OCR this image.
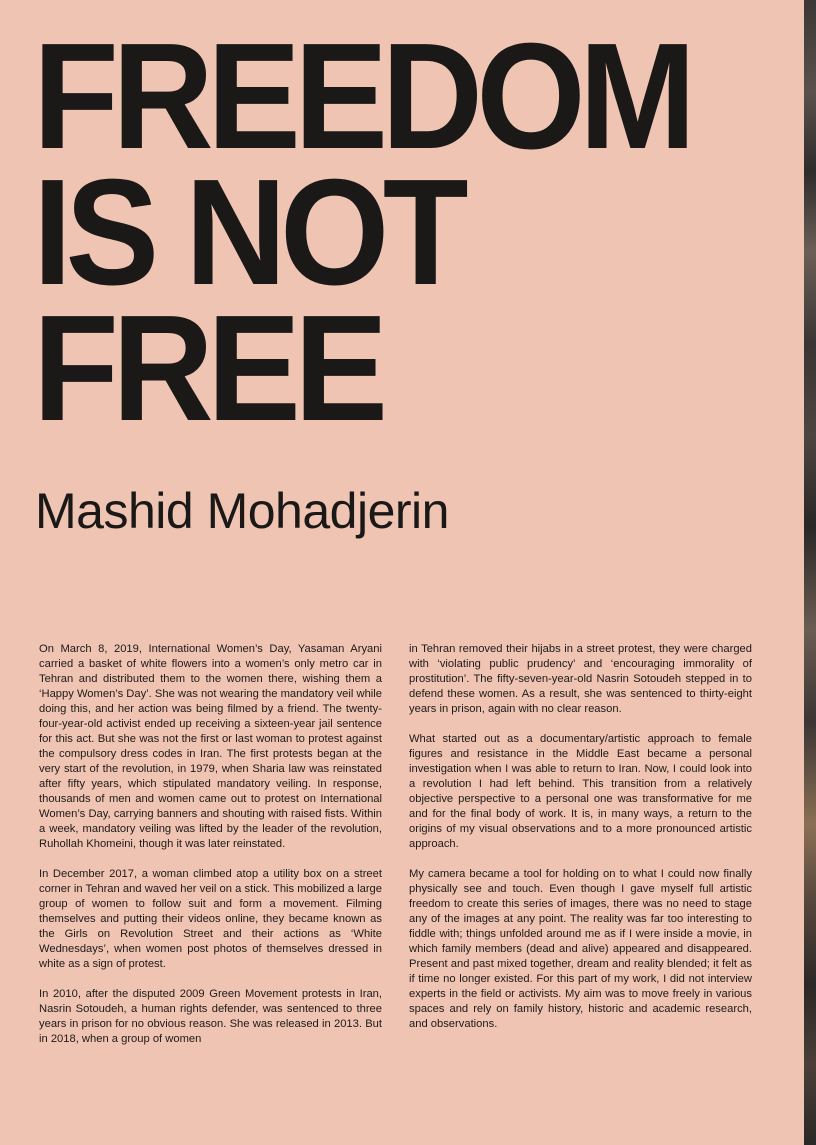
FREEDOM
IS NOT
FREE
Mashid Mohadjerin

On March 8, 2019, International Women’s Day, Yasaman Aryani carried a basket of white flowers into a women’s only metro car in Tehran and distributed them to the women there, wishing them a ‘Happy Women’s Day’. She was not wearing the mandatory veil while doing this, and her action was being filmed by a friend. The twenty-four-year-old activist ended up receiving a sixteen-year jail sentence for this act. But she was not the first or last woman to protest against the compulsory dress codes in Iran. The first protests began at the very start of the revolution, in 1979, when Sharia law was reinstated after fifty years, which stipulated mandatory veiling. In response, thousands of men and women came out to protest on International Women’s Day, carrying banners and shouting with raised fists. Within a week, mandatory veiling was lifted by the leader of the revolution, Ruhollah Khomeini, though it was later reinstated.

In December 2017, a woman climbed atop a utility box on a street corner in Tehran and waved her veil on a stick. This mobilized a large group of women to follow suit and form a movement. Filming themselves and putting their videos online, they became known as the Girls on Revolution Street and their actions as ‘White Wednesdays’, when women post photos of themselves dressed in white as a sign of protest.

In 2010, after the disputed 2009 Green Movement protests in Iran, Nasrin Sotoudeh, a human rights defender, was sentenced to three years in prison for no obvious reason. She was released in 2013. But in 2018, when a group of women

in Tehran removed their hijabs in a street protest, they were charged with ‘violating public prudency’ and ‘encouraging immorality of prostitution’. The fifty-seven-year-old Nasrin Sotoudeh stepped in to defend these women. As a result, she was sentenced to thirty-eight years in prison, again with no clear reason.

What started out as a documentary/artistic approach to female figures and resistance in the Middle East became a personal investigation when I was able to return to Iran. Now, I could look into a revolution I had left behind. This transition from a relatively objective perspective to a personal one was transformative for me and for the final body of work. It is, in many ways, a return to the origins of my visual observations and to a more pronounced artistic approach.

My camera became a tool for holding on to what I could now finally physically see and touch. Even though I gave myself full artistic freedom to create this series of images, there was no need to stage any of the images at any point. The reality was far too interesting to fiddle with; things unfolded around me as if I were inside a movie, in which family members (dead and alive) appeared and disappeared. Present and past mixed together, dream and reality blended; it felt as if time no longer existed. For this part of my work, I did not interview experts in the field or activists. My aim was to move freely in various spaces and rely on family history, historic and academic research, and observations.
